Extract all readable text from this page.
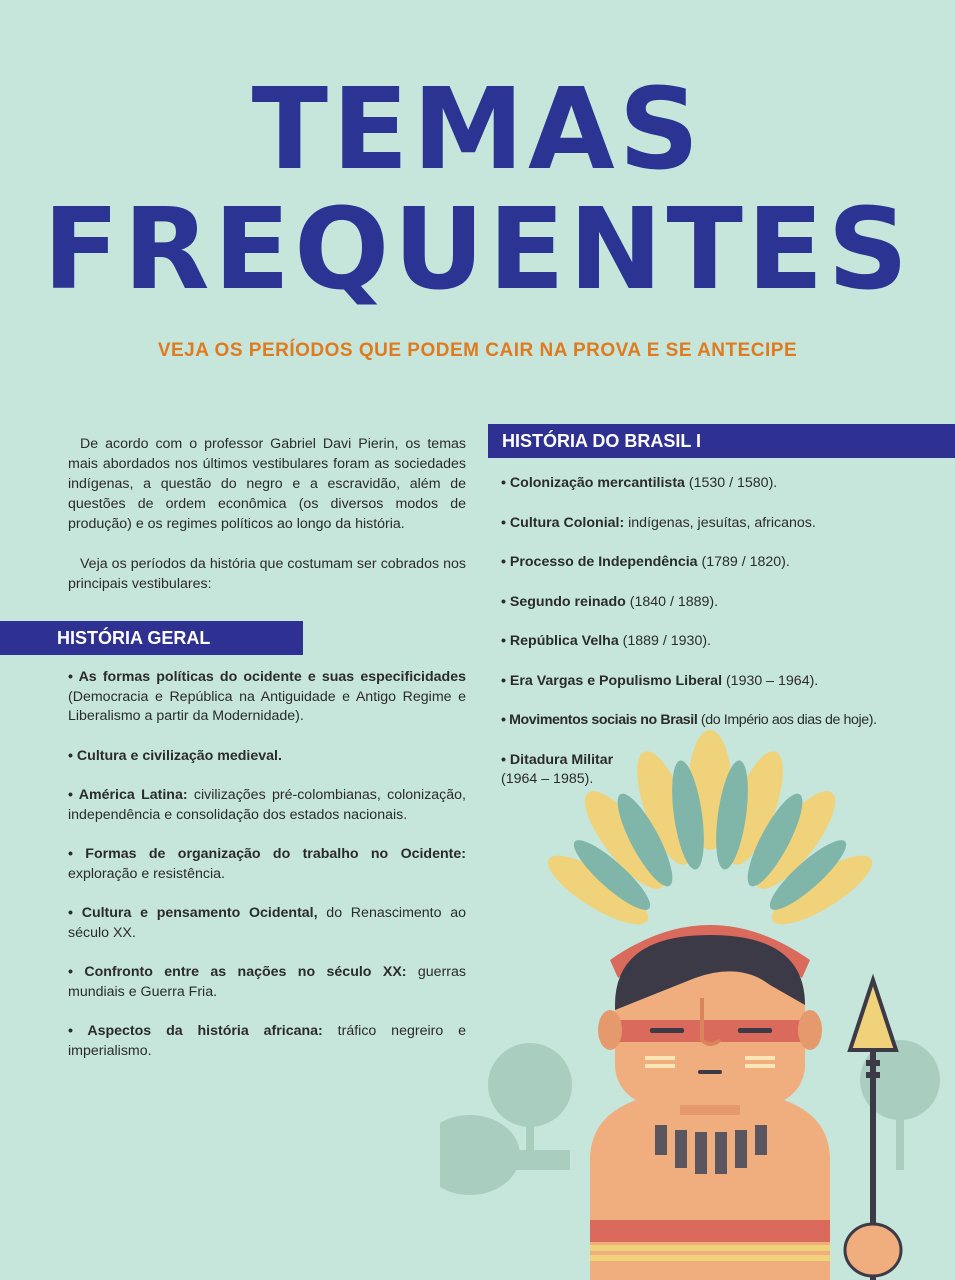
TEMAS
FREQUENTES
VEJA OS PERÍODOS QUE PODEM CAIR NA PROVA E SE ANTECIPE

De acordo com o professor Gabriel Davi Pierin, os temas mais abordados nos últimos vestibulares foram as sociedades indígenas, a questão do negro e a escravidão, além de questões de ordem econômica (os diversos modos de produção) e os regimes políticos ao longo da história.

Veja os períodos da história que costumam ser cobrados nos principais vestibulares:

HISTÓRIA GERAL
• As formas políticas do ocidente e suas especificidades (Democracia e República na Antiguidade e Antigo Regime e Liberalismo a partir da Modernidade).
• Cultura e civilização medieval.
• América Latina: civilizações pré-colombianas, colonização, independência e consolidação dos estados nacionais.
• Formas de organização do trabalho no Ocidente: exploração e resistência.
• Cultura e pensamento Ocidental, do Renascimento ao século XX.
• Confronto entre as nações no século XX: guerras mundiais e Guerra Fria.
• Aspectos da história africana: tráfico negreiro e imperialismo.
HISTÓRIA DO BRASIL I
• Colonização mercantilista (1530 / 1580).
• Cultura Colonial: indígenas, jesuítas, africanos.
• Processo de Independência (1789 / 1820).
• Segundo reinado (1840 / 1889).
• República Velha (1889 / 1930).
• Era Vargas e Populismo Liberal (1930 – 1964).
• Movimentos sociais no Brasil (do Império aos dias de hoje).
• Ditadura Militar
(1964 – 1985).
